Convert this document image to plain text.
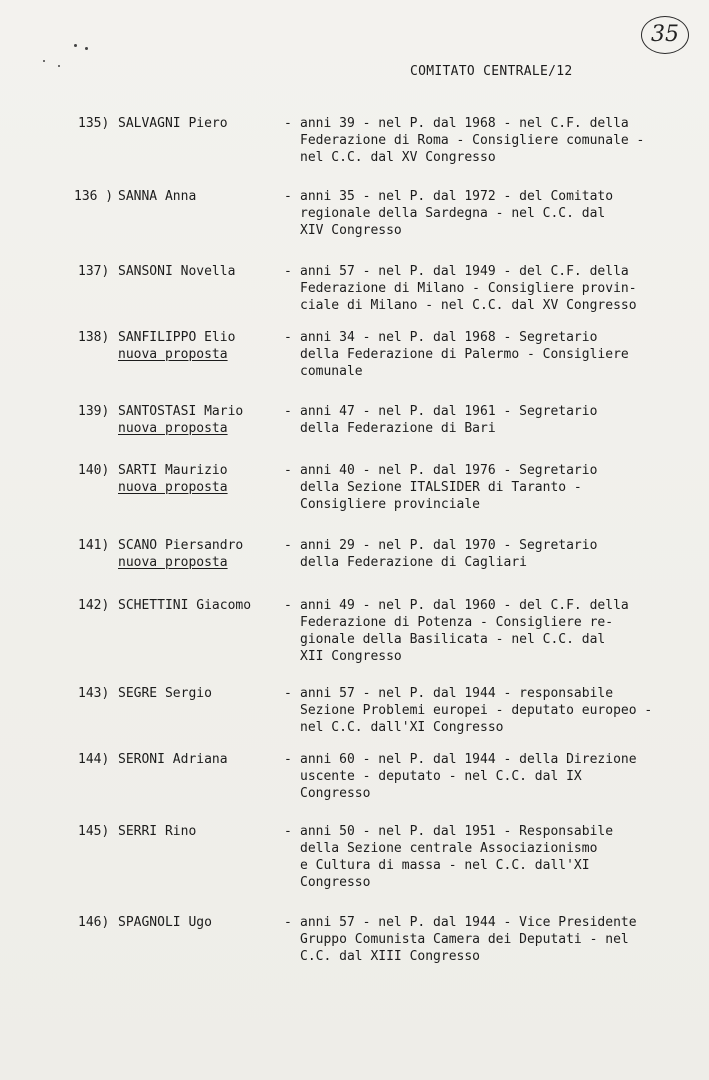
35
COMITATO CENTRALE/12
135) SALVAGNI Piero	- anni 39 - nel P. dal 1968 - nel C.F. della
Federazione di Roma - Consigliere comunale -
nel C.C. dal XV Congresso
136 ) SANNA Anna	- anni 35 - nel P. dal 1972 - del Comitato
regionale della Sardegna - nel C.C. dal
XIV Congresso
137) SANSONI Novella	- anni 57 - nel P. dal 1949 - del C.F. della
Federazione di Milano - Consigliere provin-
ciale di Milano - nel C.C. dal XV Congresso
138) SANFILIPPO Elio
nuova proposta
- anni 34 - nel P. dal 1968 - Segretario
della Federazione di Palermo - Consigliere
comunale
139) SANTOSTASI Mario
nuova proposta
- anni 47 - nel P. dal 1961 - Segretario
della Federazione di Bari
140) SARTI Maurizio
nuova proposta
- anni 40 - nel P. dal 1976 - Segretario
della Sezione ITALSIDER di Taranto -
Consigliere provinciale
141) SCANO Piersandro
nuova proposta
- anni 29 - nel P. dal 1970 - Segretario
della Federazione di Cagliari
142) SCHETTINI Giacomo	- anni 49 - nel P. dal 1960 - del C.F. della
Federazione di Potenza - Consigliere re-
gionale della Basilicata - nel C.C. dal
XII Congresso
143) SEGRE Sergio	- anni 57 - nel P. dal 1944 - responsabile
Sezione Problemi europei - deputato europeo -
nel C.C. dall'XI Congresso
144) SERONI Adriana	- anni 60 - nel P. dal 1944 - della Direzione
uscente - deputato - nel C.C. dal IX
Congresso
145) SERRI Rino	- anni 50 - nel P. dal 1951 - Responsabile
della Sezione centrale Associazionismo
e Cultura di massa - nel C.C. dall'XI
Congresso
146) SPAGNOLI Ugo	- anni 57 - nel P. dal 1944 - Vice Presidente
Gruppo Comunista Camera dei Deputati - nel
C.C. dal XIII Congresso
